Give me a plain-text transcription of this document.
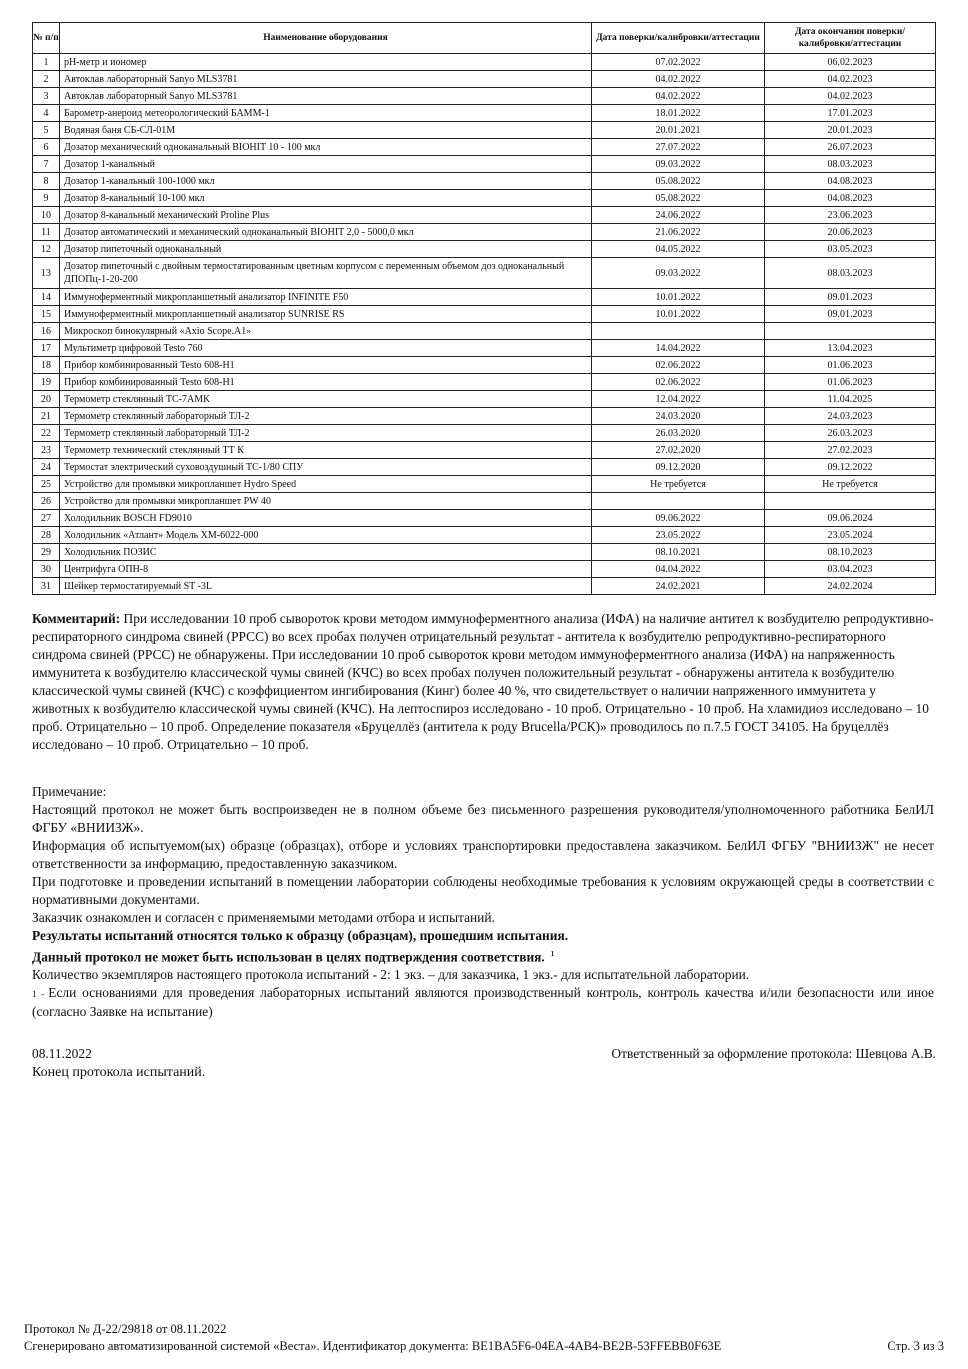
№ п/п	Наименование оборудования	Дата поверки/калибровки/аттестации	Дата окончания поверки/калибровки/аттестации
1	рН-метр и иономер	07.02.2022	06.02.2023
2	Автоклав лабораторный Sanyo MLS3781	04.02.2022	04.02.2023
3	Автоклав лабораторный Sanyo MLS3781	04.02.2022	04.02.2023
4	Барометр-анероид метеорологический БАММ-1	18.01.2022	17.01.2023
5	Водяная баня СБ-СЛ-01М	20.01.2021	20.01.2023
6	Дозатор механический одноканальный BIOHIT 10 - 100 мкл	27.07.2022	26.07.2023
7	Дозатор 1-канальный	09.03.2022	08.03.2023
8	Дозатор 1-канальный 100-1000 мкл	05.08.2022	04.08.2023
9	Дозатор 8-канальный 10-100 мкл	05.08.2022	04.08.2023
10	Дозатор 8-канальный механический Proline Plus	24.06.2022	23.06.2023
11	Дозатор автоматический и механический одноканальный BIOHIT 2,0 - 5000,0 мкл	21.06.2022	20.06.2023
12	Дозатор пипеточный одноканальный	04.05.2022	03.05.2023
13	Дозатор пипеточный с двойным термостатированным цветным корпусом с переменным объемом доз одноканальный ДПОПц-1-20-200	09.03.2022	08.03.2023
14	Иммуноферментный микропланшетный анализатор INFINITE F50	10.01.2022	09.01.2023
15	Иммуноферментный микропланшетный анализатор SUNRISE RS	10.01.2022	09.01.2023
16	Микроскоп бинокулярный «Axio Scope.A1»		
17	Мультиметр цифровой Testo 760	14.04.2022	13.04.2023
18	Прибор комбинированный Testo 608-H1	02.06.2022	01.06.2023
19	Прибор комбинированный Testo 608-H1	02.06.2022	01.06.2023
20	Термометр стеклянный ТС-7АМК	12.04.2022	11.04.2025
21	Термометр стеклянный лабораторный ТЛ-2	24.03.2020	24.03.2023
22	Термометр стеклянный лабораторный ТЛ-2	26.03.2020	26.03.2023
23	Термометр технический стеклянный ТТ К	27.02.2020	27.02.2023
24	Термостат электрический суховоздушный ТС-1/80 СПУ	09.12.2020	09.12.2022
25	Устройство для промывки микропланшет Hydro Speed	Не требуется	Не требуется
26	Устройство для промывки микропланшет PW 40		
27	Холодильник BOSCH FD9010	09.06.2022	09.06.2024
28	Холодильник «Атлант» Модель ХМ-6022-000	23.05.2022	23.05.2024
29	Холодильник ПОЗИС	08.10.2021	08.10.2023
30	Центрифуга ОПН-8	04.04.2022	03.04.2023
31	Шейкер термостатируемый ST -3L	24.02.2021	24.02.2024
Комментарий: При исследовании 10 проб сывороток крови методом иммуноферментного анализа (ИФА) на наличие антител к возбудителю репродуктивно-респираторного синдрома свиней (РРСС) во всех пробах получен отрицательный результат - антитела к возбудителю репродуктивно-респираторного синдрома свиней (РРСС) не обнаружены. При исследовании 10 проб сывороток крови методом иммуноферментного анализа (ИФА) на напряженность иммунитета к возбудителю классической чумы свиней (КЧС) во всех пробах получен положительный результат - обнаружены антитела к возбудителю классической чумы свиней (КЧС) с коэффициентом ингибирования (Кинг) более 40 %, что свидетельствует о наличии напряженного иммунитета у животных к возбудителю классической чумы свиней (КЧС). На лептоспироз исследовано - 10 проб. Отрицательно - 10 проб. На хламидиоз исследовано – 10 проб. Отрицательно – 10 проб. Определение показателя «Бруцеллёз (антитела к роду Brucella/РСК)» проводилось по п.7.5 ГОСТ 34105. На бруцеллёз исследовано – 10 проб. Отрицательно – 10 проб.

Примечание:

Настоящий протокол не может быть воспроизведен не в полном объеме без письменного разрешения руководителя/уполномоченного работника БелИЛ ФГБУ «ВНИИЗЖ».

Информация об испытуемом(ых) образце (образцах), отборе и условиях транспортировки предоставлена заказчиком. БелИЛ ФГБУ "ВНИИЗЖ" не несет ответственности за информацию, предоставленную заказчиком.

При подготовке и проведении испытаний в помещении лаборатории соблюдены необходимые требования к условиям окружающей среды в соответствии с нормативными документами.

Заказчик ознакомлен и согласен с применяемыми методами отбора и испытаний.

Результаты испытаний относятся только к образцу (образцам), прошедшим испытания.

Данный протокол не может быть использован в целях подтверждения соответствия. $^1$

Количество экземпляров настоящего протокола испытаний - 2: 1 экз. – для заказчика, 1 экз.- для испытательной лаборатории.

1 - Если основаниями для проведения лабораторных испытаний являются производственный контроль, контроль качества и/или безопасности или иное (согласно Заявке на испытание)

08.11.2022	Ответственный за оформление протокола: Шевцова А.В.
Конец протокола испытаний.
Протокол № Д-22/29818 от 08.11.2022
Сгенерировано автоматизированной системой «Веста». Идентификатор документа: BE1BA5F6-04EA-4AB4-BE2B-53FFEBB0F63E	Стр. 3 из 3
